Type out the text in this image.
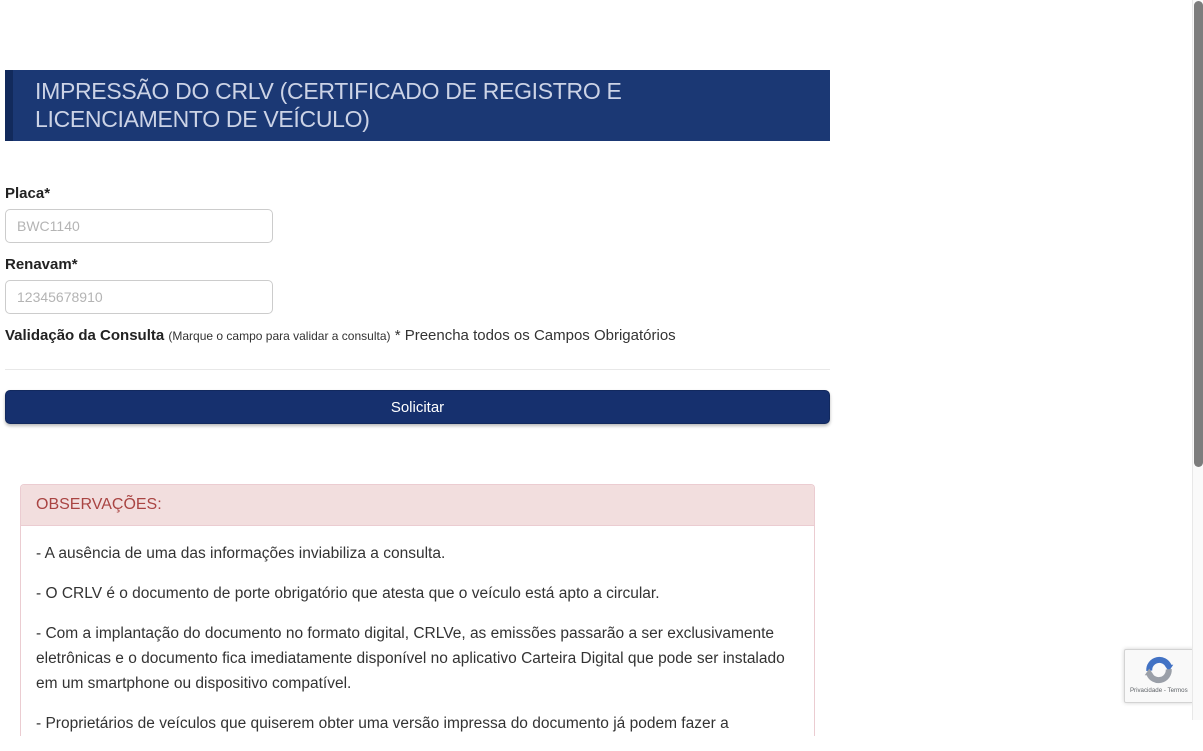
IMPRESSÃO DO CRLV (CERTIFICADO DE REGISTRO E LICENCIAMENTO DE VEÍCULO)
Placa*
BWC1140
Renavam*
12345678910
Validação da Consulta (Marque o campo para validar a consulta) * Preencha todos os Campos Obrigatórios
Solicitar
OBSERVAÇÕES:

- A ausência de uma das informações inviabiliza a consulta.

- O CRLV é o documento de porte obrigatório que atesta que o veículo está apto a circular.

- Com a implantação do documento no formato digital, CRLVe, as emissões passarão a ser exclusivamente eletrônicas e o documento fica imediatamente disponível no aplicativo Carteira Digital que pode ser instalado em um smartphone ou dispositivo compatível.

- Proprietários de veículos que quiserem obter uma versão impressa do documento já podem fazer a

Privacidade - Termos
